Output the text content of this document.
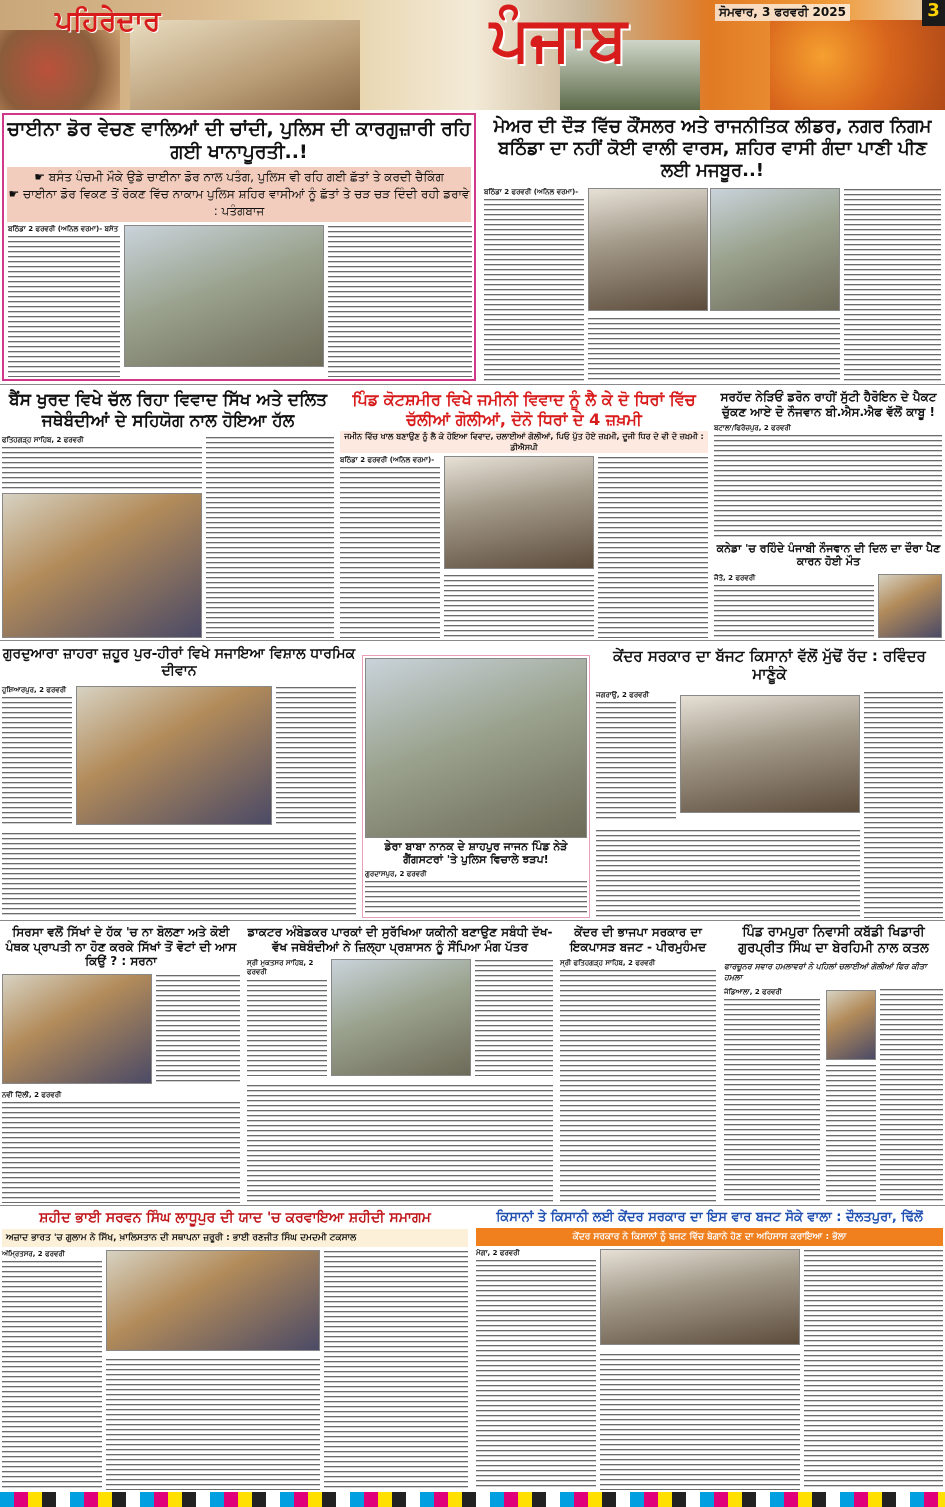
ਪਹਿਰੇਦਾਰ	ਪੰਜਾਬ	ਸੋਮਵਾਰ, 3 ਫਰਵਰੀ 2025	3
ਚਾਈਨਾ ਡੋਰ ਵੇਚਣ ਵਾਲਿਆਂ ਦੀ ਚਾਂਦੀ, ਪੁਲਿਸ ਦੀ ਕਾਰਗੁਜ਼ਾਰੀ ਰਹਿ ਗਈ ਖਾਨਾਪੂਰਤੀ..!
☛ ਬਸੰਤ ਪੰਚਮੀ ਮੌਕੇ ਉਡੇ ਚਾਈਨਾ ਡੋਰ ਨਾਲ ਪਤੰਗ, ਪੁਲਿਸ ਵੀ ਰਹਿ ਗਈ ਛੱਤਾਂ ਤੇ ਕਰਦੀ ਚੈਕਿੰਗ
☛ ਚਾਈਨਾ ਡੋਰ ਵਿਕਣ ਤੋਂ ਰੋਕਣ ਵਿੱਚ ਨਾਕਾਮ ਪੁਲਿਸ ਸ਼ਹਿਰ ਵਾਸੀਆਂ ਨੂੰ ਛੱਤਾਂ ਤੇ ਚੜ ਚੜ ਦਿੰਦੀ ਰਹੀ ਡਰਾਵੇ : ਪਤੰਗਬਾਜ
ਬਠਿੰਡਾ 2 ਫਰਵਰੀ (ਅਨਿਲ ਵਰਮਾ)- ਬਸੰਤ
ਮੇਅਰ ਦੀ ਦੌੜ ਵਿੱਚ ਕੌਂਸਲਰ ਅਤੇ ਰਾਜਨੀਤਿਕ ਲੀਡਰ, ਨਗਰ ਨਿਗਮ ਬਠਿੰਡਾ ਦਾ ਨਹੀਂ ਕੋਈ ਵਾਲੀ ਵਾਰਸ, ਸ਼ਹਿਰ ਵਾਸੀ ਗੰਦਾ ਪਾਣੀ ਪੀਣ ਲਈ ਮਜਬੂਰ..!
ਬਠਿੰਡਾ 2 ਫਰਵਰੀ (ਅਨਿਲ ਵਰਮਾ)-
ਬੈਂਸ ਖੁਰਦ ਵਿਖੇ ਚੱਲ ਰਿਹਾ ਵਿਵਾਦ ਸਿੱਖ ਅਤੇ ਦਲਿਤ ਜਥੇਬੰਦੀਆਂ ਦੇ ਸਹਿਯੋਗ ਨਾਲ ਹੋਇਆ ਹੱਲ
ਫਤਿਹਗੜ੍ਹ ਸਾਹਿਬ, 2 ਫਰਵਰੀ
ਪਿੰਡ ਕੋਟਸ਼ਮੀਰ ਵਿਖੇ ਜਮੀਨੀ ਵਿਵਾਦ ਨੂੰ ਲੈ ਕੇ ਦੋ ਧਿਰਾਂ ਵਿੱਚ ਚੱਲੀਆਂ ਗੋਲੀਆਂ, ਦੋਨੋ ਧਿਰਾਂ ਦੇ 4 ਜ਼ਖ਼ਮੀ
ਜਮੀਨ ਵਿੱਚ ਖਾਲ ਬਣਾਉਣ ਨੂੰ ਲੈ ਕੇ ਹੋਇਆ ਵਿਵਾਦ, ਚਲਾਈਆਂ ਗੋਲੀਆਂ, ਪਿਓ ਪੁੱਤ ਹੋਏ ਜ਼ਖ਼ਮੀ, ਦੂਜੀ ਧਿਰ ਦੇ ਵੀ ਦੋ ਜ਼ਖ਼ਮੀ : ਡੀਐਸਪੀ
ਬਠਿੰਡਾ 2 ਫਰਵਰੀ (ਅਨਿਲ ਵਰਮਾ)-
ਸਰਹੱਦ ਨੇੜਿਓਂ ਡਰੋਨ ਰਾਹੀਂ ਸੁੱਟੀ ਹੈਰੋਇਨ ਦੇ ਪੈਕਟ ਚੁੱਕਣ ਆਏ ਦੋ ਨੌਜਵਾਨ ਬੀ.ਐਸ.ਐਫ ਵੱਲੋਂ ਕਾਬੂ !
ਬਟਾਲਾ/ਫਿਰੋਜ਼ਪੁਰ, 2 ਫਰਵਰੀ
ਕਨੇਡਾ 'ਚ ਰਹਿੰਦੇ ਪੰਜਾਬੀ ਨੌਜਵਾਨ ਦੀ ਦਿਲ ਦਾ ਦੌਰਾ ਪੈਣ ਕਾਰਨ ਹੋਈ ਮੌਤ
ਜੈਤੋ, 2 ਫਰਵਰੀ
ਗੁਰਦੁਆਰਾ ਜ਼ਾਹਰਾ ਜ਼ਹੂਰ ਪੁਰ-ਹੀਰਾਂ ਵਿਖੇ ਸਜਾਇਆ ਵਿਸ਼ਾਲ ਧਾਰਮਿਕ ਦੀਵਾਨ
ਹੁਸ਼ਿਆਰਪੁਰ, 2 ਫਰਵਰੀ
ਡੇਰਾ ਬਾਬਾ ਨਾਨਕ ਦੇ ਸ਼ਾਹਪੁਰ ਜਾਜਨ ਪਿੰਡ ਨੇੜੇ ਗੈਂਗਸਟਰਾਂ 'ਤੇ ਪੁਲਿਸ ਵਿਚਾਲੇ ਝੜਪ!
ਗੁਰਦਾਸਪੁਰ, 2 ਫਰਵਰੀ
ਕੇਂਦਰ ਸਰਕਾਰ ਦਾ ਬੱਜਟ ਕਿਸਾਨਾਂ ਵੱਲੋਂ ਮੁੱਢੋਂ ਰੱਦ : ਰਵਿੰਦਰ ਮਾਣੂੰਕੇ
ਜਗਰਾਉਂ, 2 ਫਰਵਰੀ
ਸਿਰਸਾ ਵਲੋਂ ਸਿੱਖਾਂ ਦੇ ਹੱਕ 'ਚ ਨਾ ਬੋਲਣਾ ਅਤੇ ਕੋਈ ਪੰਥਕ ਪ੍ਰਾਪਤੀ ਨਾ ਹੋਣ ਕਰਕੇ ਸਿੱਖਾਂ ਤੋਂ ਵੋਟਾਂ ਦੀ ਆਸ ਕਿਉਂ ? : ਸਰਨਾ
ਨਵੀਂ ਦਿੱਲੀ, 2 ਫਰਵਰੀ
ਡਾਕਟਰ ਅੰਬੇਡਕਰ ਪਾਰਕਾਂ ਦੀ ਸੁਰੱਖਿਆ ਯਕੀਨੀ ਬਣਾਉਣ ਸਬੰਧੀ ਦੱਖ-ਵੱਖ ਜਥੇਬੰਦੀਆਂ ਨੇ ਜ਼ਿਲ੍ਹਾ ਪ੍ਰਸ਼ਾਸਨ ਨੂੰ ਸੌਂਪਿਆ ਮੰਗ ਪੱਤਰ
ਸ੍ਰੀ ਮੁਕਤਸਰ ਸਾਹਿਬ, 2 ਫਰਵਰੀ
ਕੇਂਦਰ ਦੀ ਭਾਜਪਾ ਸਰਕਾਰ ਦਾ ਇਕਪਾਸੜ ਬਜਟ - ਪੀਰਮੁਹੰਮਦ
ਸ੍ਰੀ ਫਤਿਹਗੜ੍ਹ ਸਾਹਿਬ, 2 ਫਰਵਰੀ
ਪਿੰਡ ਰਾਮਪੁਰਾ ਨਿਵਾਸੀ ਕਬੱਡੀ ਖਿਡਾਰੀ ਗੁਰਪ੍ਰੀਤ ਸਿੰਘ ਦਾ ਬੇਰਹਿਮੀ ਨਾਲ ਕਤਲ
ਫਾਰਚੂਨਰ ਸਵਾਰ ਹਮਲਾਵਰਾਂ ਨੇ ਪਹਿਲਾਂ ਚਲਾਈਆਂ ਗੋਲੀਆਂ ਫਿਰ ਕੀਤਾ ਹਮਲਾ
ਜੰਡਿਆਲਾ, 2 ਫਰਵਰੀ
ਸ਼ਹੀਦ ਭਾਈ ਸਰਵਨ ਸਿੰਘ ਲਾਧੂਪੁਰ ਦੀ ਯਾਦ 'ਚ ਕਰਵਾਇਆ ਸ਼ਹੀਦੀ ਸਮਾਗਮ
ਅਜ਼ਾਦ ਭਾਰਤ 'ਚ ਗੁਲਾਮ ਨੇ ਸਿੱਖ, ਖ਼ਾਲਿਸਤਾਨ ਦੀ ਸਥਾਪਨਾ ਜ਼ਰੂਰੀ : ਭਾਈ ਰਣਜੀਤ ਸਿੰਘ ਦਮਦਮੀ ਟਕਸਾਲ
ਅੰਮ੍ਰਿਤਸਰ, 2 ਫਰਵਰੀ
ਕਿਸਾਨਾਂ ਤੇ ਕਿਸਾਨੀ ਲਈ ਕੇਂਦਰ ਸਰਕਾਰ ਦਾ ਇਸ ਵਾਰ ਬਜਟ ਸੋਕੇ ਵਾਲਾ : ਦੌਲਤਪੁਰਾ, ਢਿੱਲੋਂ
ਕੇਂਦਰ ਸਰਕਾਰ ਨੇ ਕਿਸਾਨਾਂ ਨੂੰ ਬਜਟ ਵਿੱਚ ਬੇਗਾਨੇ ਹੋਣ ਦਾ ਅਹਿਸਾਸ ਕਰਾਇਆ : ਭੋਲਾ
ਮੋਗਾ, 2 ਫਰਵਰੀ
